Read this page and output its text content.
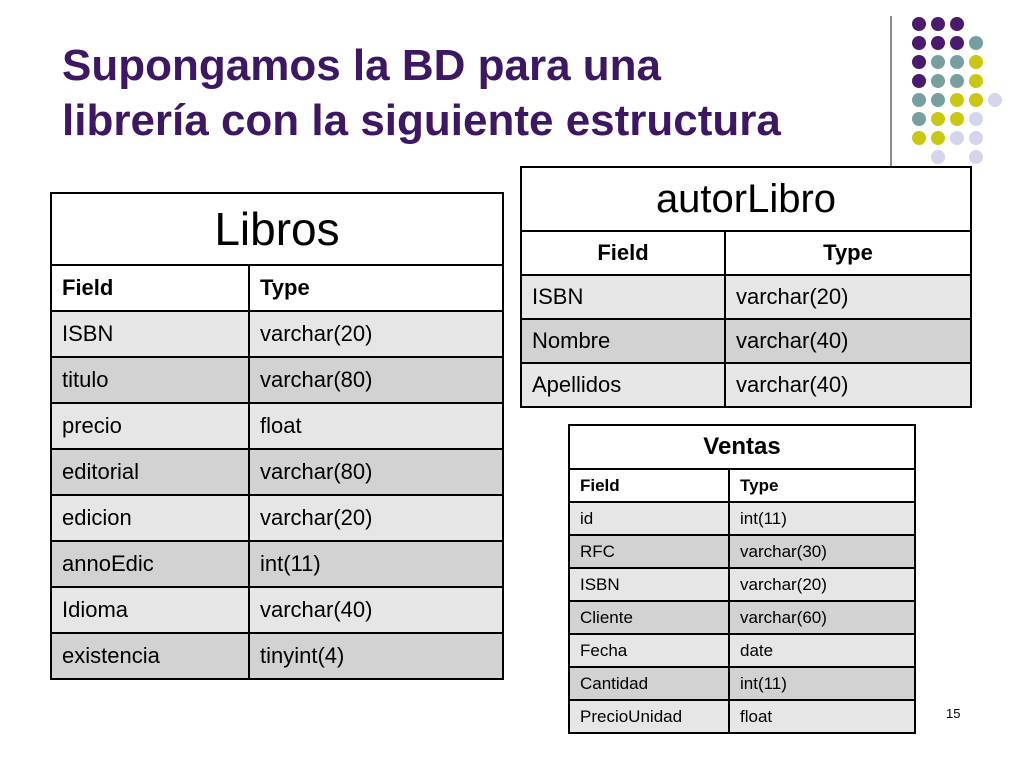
Supongamos la BD para una
librería con la siguiente estructura
Libros	
Field	Type
ISBN	varchar(20)
titulo	varchar(80)
precio	float
editorial	varchar(80)
edicion	varchar(20)
annoEdic	int(11)
Idioma	varchar(40)
existencia	tinyint(4)
autorLibro	
Field	Type
ISBN	varchar(20)
Nombre	varchar(40)
Apellidos	varchar(40)
Ventas	
Field	Type
id	int(11)
RFC	varchar(30)
ISBN	varchar(20)
Cliente	varchar(60)
Fecha	date
Cantidad	int(11)
PrecioUnidad	float	15
